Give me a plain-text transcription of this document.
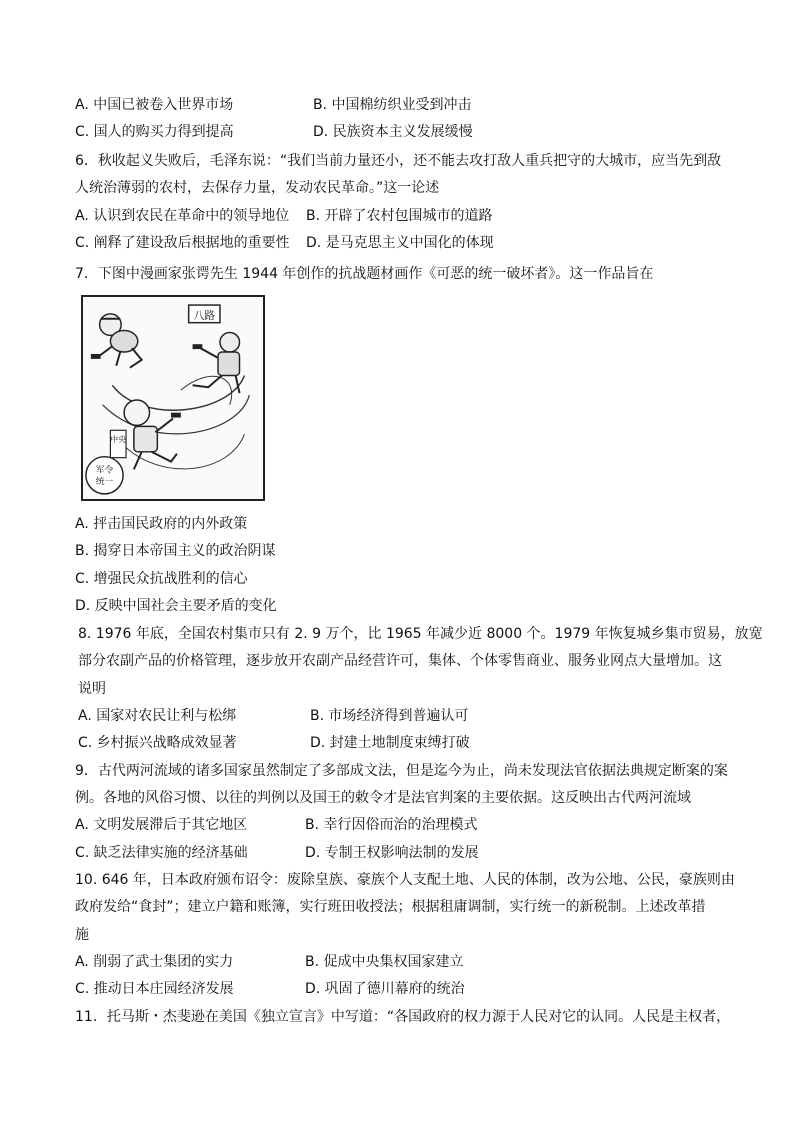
A. 中国已被卷入世界市场	B. 中国棉纺织业受到冲击
C. 国人的购买力得到提高	D. 民族资本主义发展缓慢
6．秋收起义失败后，毛泽东说：“我们当前力量还小，还不能去攻打敌人重兵把守的大城市，应当先到敌
人统治薄弱的农村，去保存力量，发动农民革命。”这一论述
A. 认识到农民在革命中的领导地位 B. 开辟了农村包围城市的道路
C. 阐释了建设敌后根据地的重要性 D. 是马克思主义中国化的体现
7．下图中漫画家张谔先生 1944 年创作的抗战题材画作《可恶的统一破坏者》。这一作品旨在
八路
中央
军令
统一
A. 抨击国民政府的内外政策
B. 揭穿日本帝国主义的政治阴谋
C. 增强民众抗战胜利的信心
D. 反映中国社会主要矛盾的变化
8. 1976 年底，全国农村集市只有 2. 9 万个，比 1965 年减少近 8000 个。1979 年恢复城乡集市贸易，放宽
部分农副产品的价格管理，逐步放开农副产品经营许可，集体、个体零售商业、服务业网点大量增加。这
说明
A. 国家对农民让利与松绑	B. 市场经济得到普遍认可
C. 乡村振兴战略成效显著	D. 封建土地制度束缚打破
9．古代两河流域的诸多国家虽然制定了多部成文法，但是迄今为止，尚未发现法官依据法典规定断案的案
例。各地的风俗习惯、以往的判例以及国王的敕令才是法官判案的主要依据。这反映出古代两河流域
A. 文明发展滞后于其它地区	B. 幸行因俗而治的治理模式
C. 缺乏法律实施的经济基础	D. 专制王权影响法制的发展
10. 646 年，日本政府颁布诏令：废除皇族、豪族个人支配土地、人民的体制，改为公地、公民，豪族则由
政府发给“食封”；建立户籍和账簿，实行班田收授法；根据租庸调制，实行统一的新税制。上述改革措
施
A. 削弱了武士集团的实力	B. 促成中央集权国家建立
C. 推动日本庄园经济发展	D. 巩固了德川幕府的统治
11．托马斯・杰斐逊在美国《独立宣言》中写道：“各国政府的权力源于人民对它的认同。人民是主权者，
